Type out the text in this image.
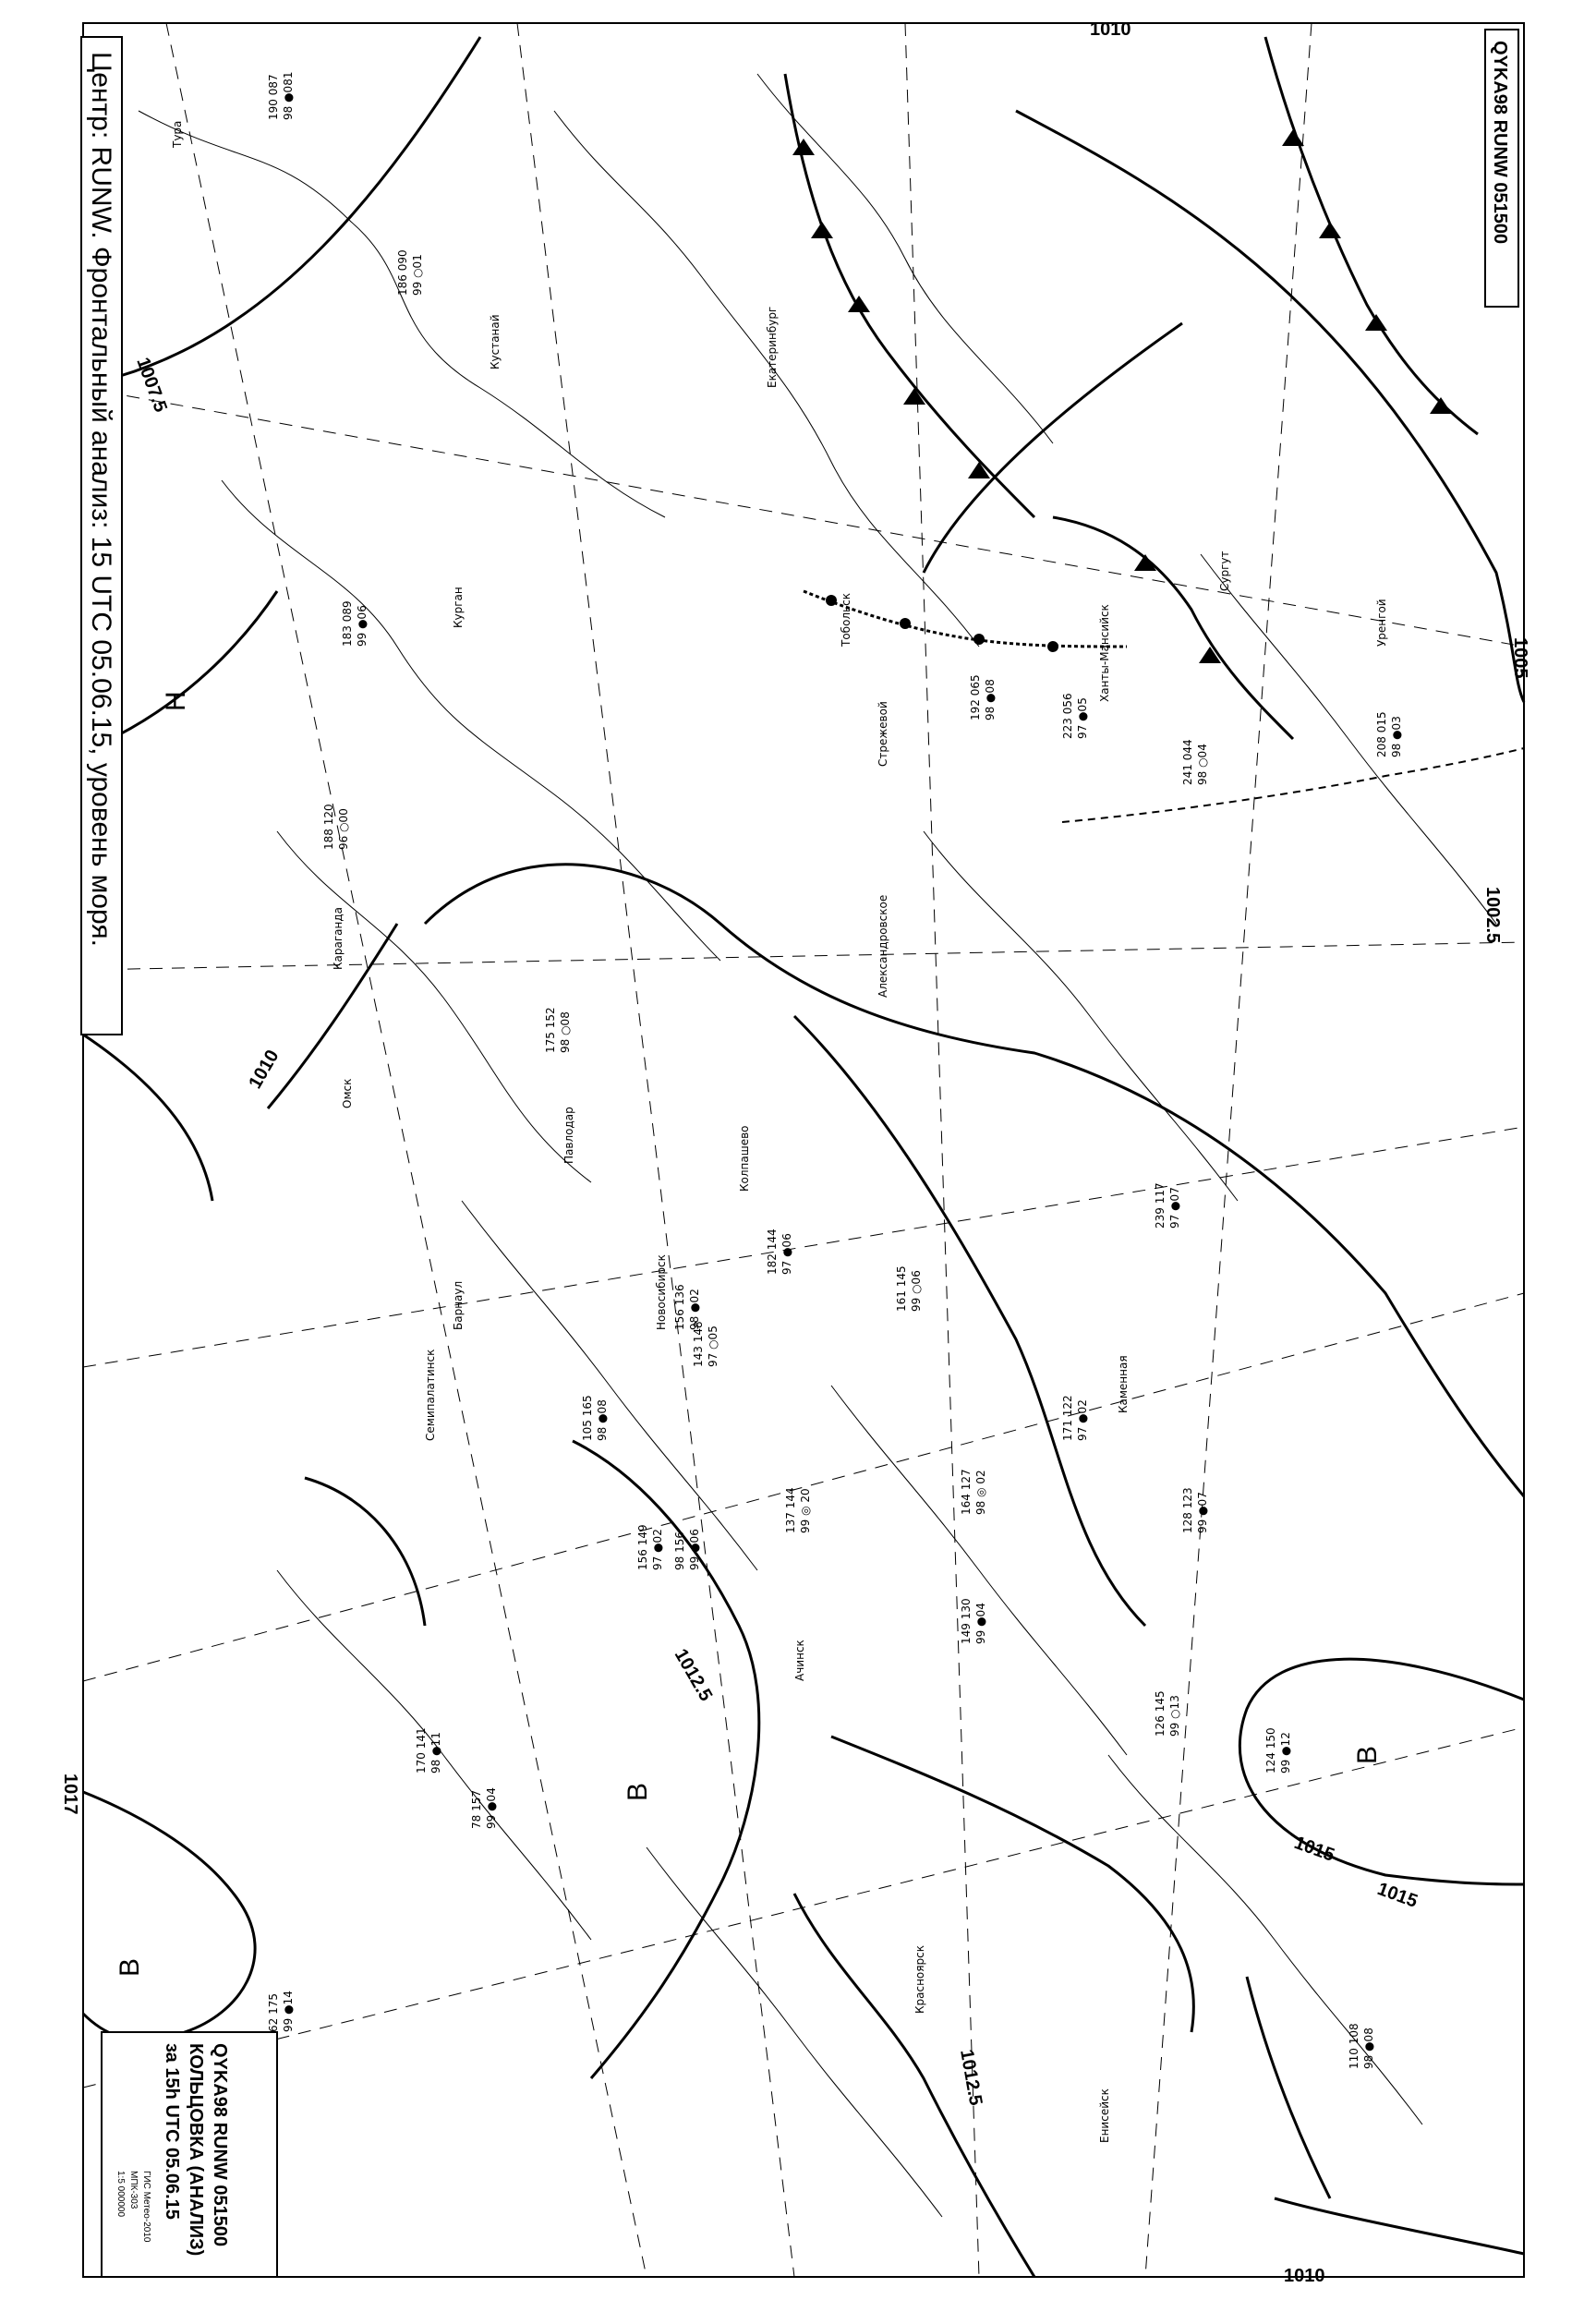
190 087 98 ●081
186 090 99 ○01
183 089 99 ●06
188 120 96 ○00
175 152 98 ○08
161 145 99 ○06
149 130 99 ●04
164 127 98 ◎ 02
171 122 97 ●02
128 123 99 ●07
110 108 98 ●08
126 145 99 ○13
137 144 99 ◎ 20
143 148 97 ○05
105 165 98 ●08
98 156 99 ●06
78 157 99 ●04
62 175 99 ●14
208 015 98 ●03
241 044 98 ○04
223 056 97 ●05
192 065 98 ●08
239 117 97 ●07
182 144 97 ●06
156 136 98 ●02
156 149 97 ●02
170 141 98 ●11	124 150 99 ●12
Тура
Кустанай
Курган
Екатеринбург
Сургут
Тобольск	Ханты-Мансийск
Омск
Новосибирск
Барнаул
Семипалатинск
Павлодар
Караганда
Колпашево
Александровское
Уренгой
Каменная
Стрежевой
Красноярск
Ачинск
Енисейск
1010
1007.5
1002.5
1005
1010
1012.5
1015
1015
1017
1012.5
1010
Н
В
В
В
Центр: RUNW. Фронтальный анализ: 15 UTC 05.06.15, уровень моря.	QYKA98 RUNW 051500
QYKA98 RUNW 051500
КОЛЬЦОВКА (АНАЛИЗ)
за 15h UTC 05.06.15
ГИС Метео-2010
МПК-303
1:5 000000
